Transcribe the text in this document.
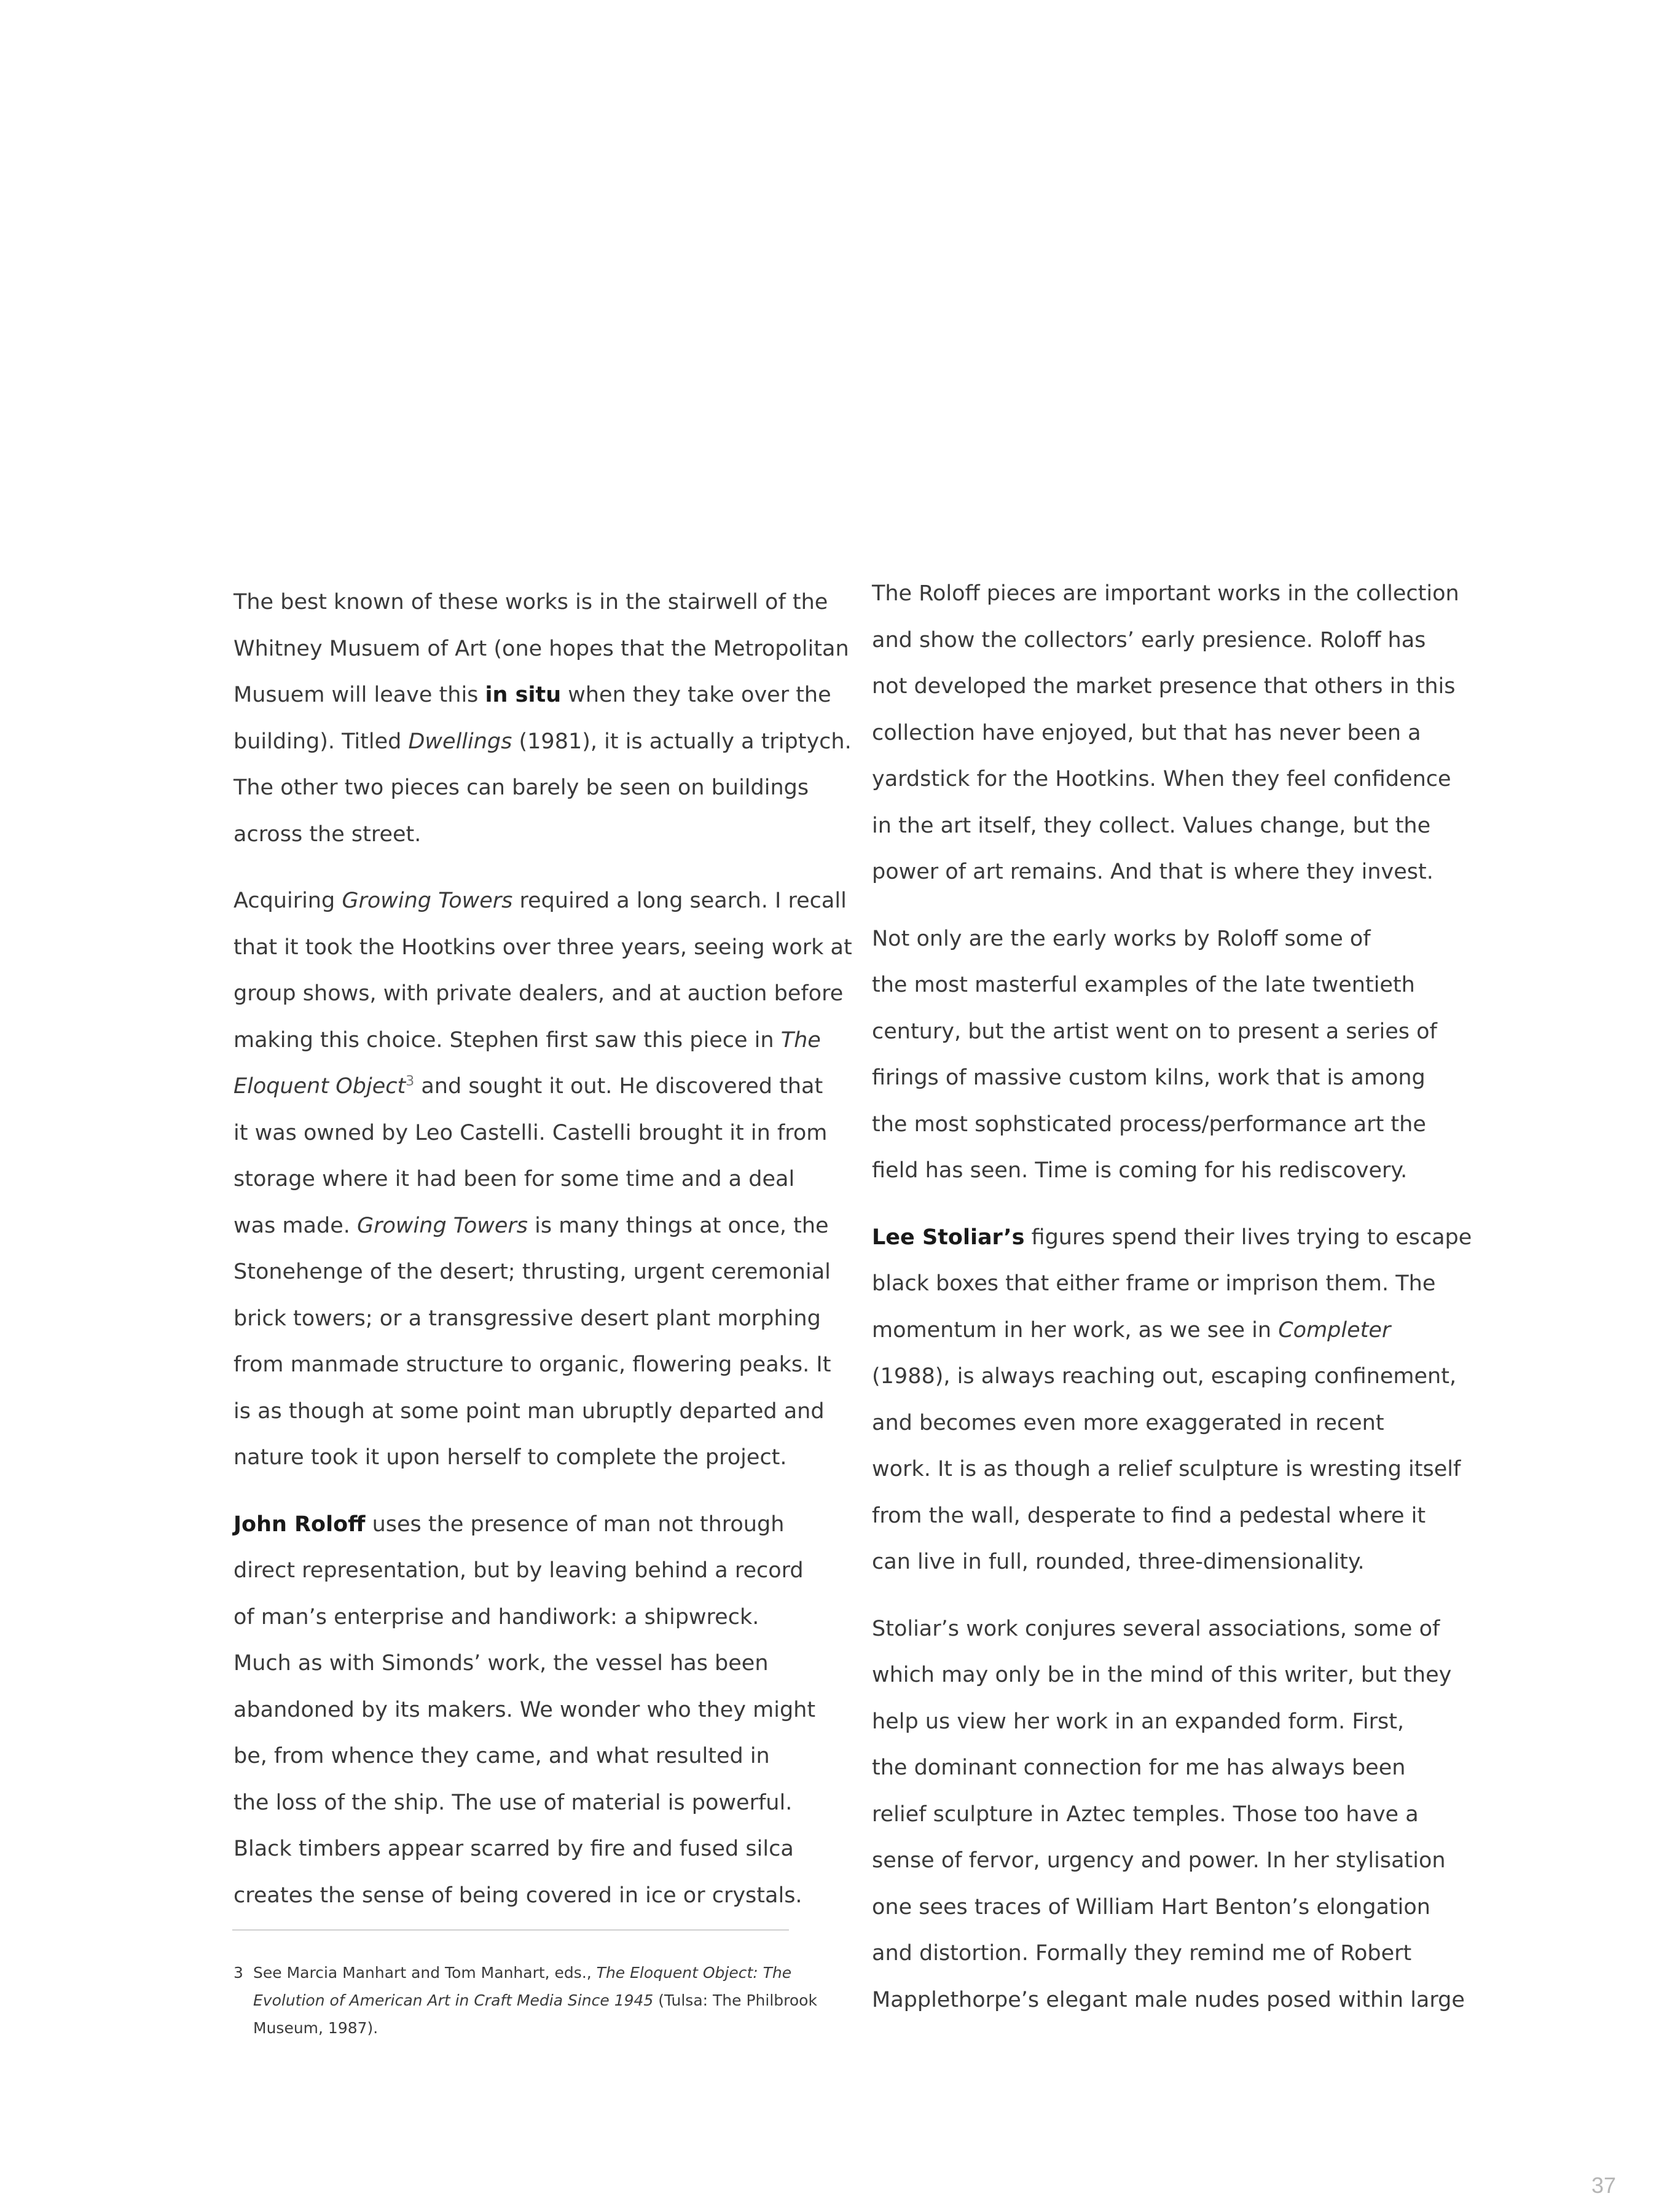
The best known of these works is in the stairwell of the
Whitney Musuem of Art (one hopes that the Metropolitan
Musuem will leave this in situ when they take over the
building). Titled Dwellings (1981), it is actually a triptych.
The other two pieces can barely be seen on buildings
across the street.
Acquiring Growing Towers required a long search. I recall
that it took the Hootkins over three years, seeing work at
group shows, with private dealers, and at auction before
making this choice. Stephen first saw this piece in The
Eloquent Object$^3$ and sought it out. He discovered that
it was owned by Leo Castelli. Castelli brought it in from
storage where it had been for some time and a deal
was made. Growing Towers is many things at once, the
Stonehenge of the desert; thrusting, urgent ceremonial
brick towers; or a transgressive desert plant morphing
from manmade structure to organic, flowering peaks. It
is as though at some point man ubruptly departed and
nature took it upon herself to complete the project.
John Roloff uses the presence of man not through
direct representation, but by leaving behind a record
of man’s enterprise and handiwork: a shipwreck.
Much as with Simonds’ work, the vessel has been
abandoned by its makers. We wonder who they might
be, from whence they came, and what resulted in
the loss of the ship. The use of material is powerful.
Black timbers appear scarred by fire and fused silca
creates the sense of being covered in ice or crystals.
The Roloff pieces are important works in the collection
and show the collectors’ early presience. Roloff has
not developed the market presence that others in this
collection have enjoyed, but that has never been a
yardstick for the Hootkins. When they feel confidence
in the art itself, they collect. Values change, but the
power of art remains. And that is where they invest.
Not only are the early works by Roloff some of
the most masterful examples of the late twentieth
century, but the artist went on to present a series of
firings of massive custom kilns, work that is among
the most sophsticated process/performance art the
field has seen. Time is coming for his rediscovery.
Lee Stoliar’s figures spend their lives trying to escape
black boxes that either frame or imprison them. The
momentum in her work, as we see in Completer
(1988), is always reaching out, escaping confinement,
and becomes even more exaggerated in recent
work. It is as though a relief sculpture is wresting itself
from the wall, desperate to find a pedestal where it
can live in full, rounded, three-dimensionality.
Stoliar’s work conjures several associations, some of
which may only be in the mind of this writer, but they
help us view her work in an expanded form. First,
the dominant connection for me has always been
relief sculpture in Aztec temples. Those too have a
sense of fervor, urgency and power. In her stylisation
one sees traces of William Hart Benton’s elongation
and distortion. Formally they remind me of Robert
Mapplethorpe’s elegant male nudes posed within large
3 See Marcia Manhart and Tom Manhart, eds., The Eloquent Object: The
Evolution of American Art in Craft Media Since 1945 (Tulsa: The Philbrook
Museum, 1987).
37
